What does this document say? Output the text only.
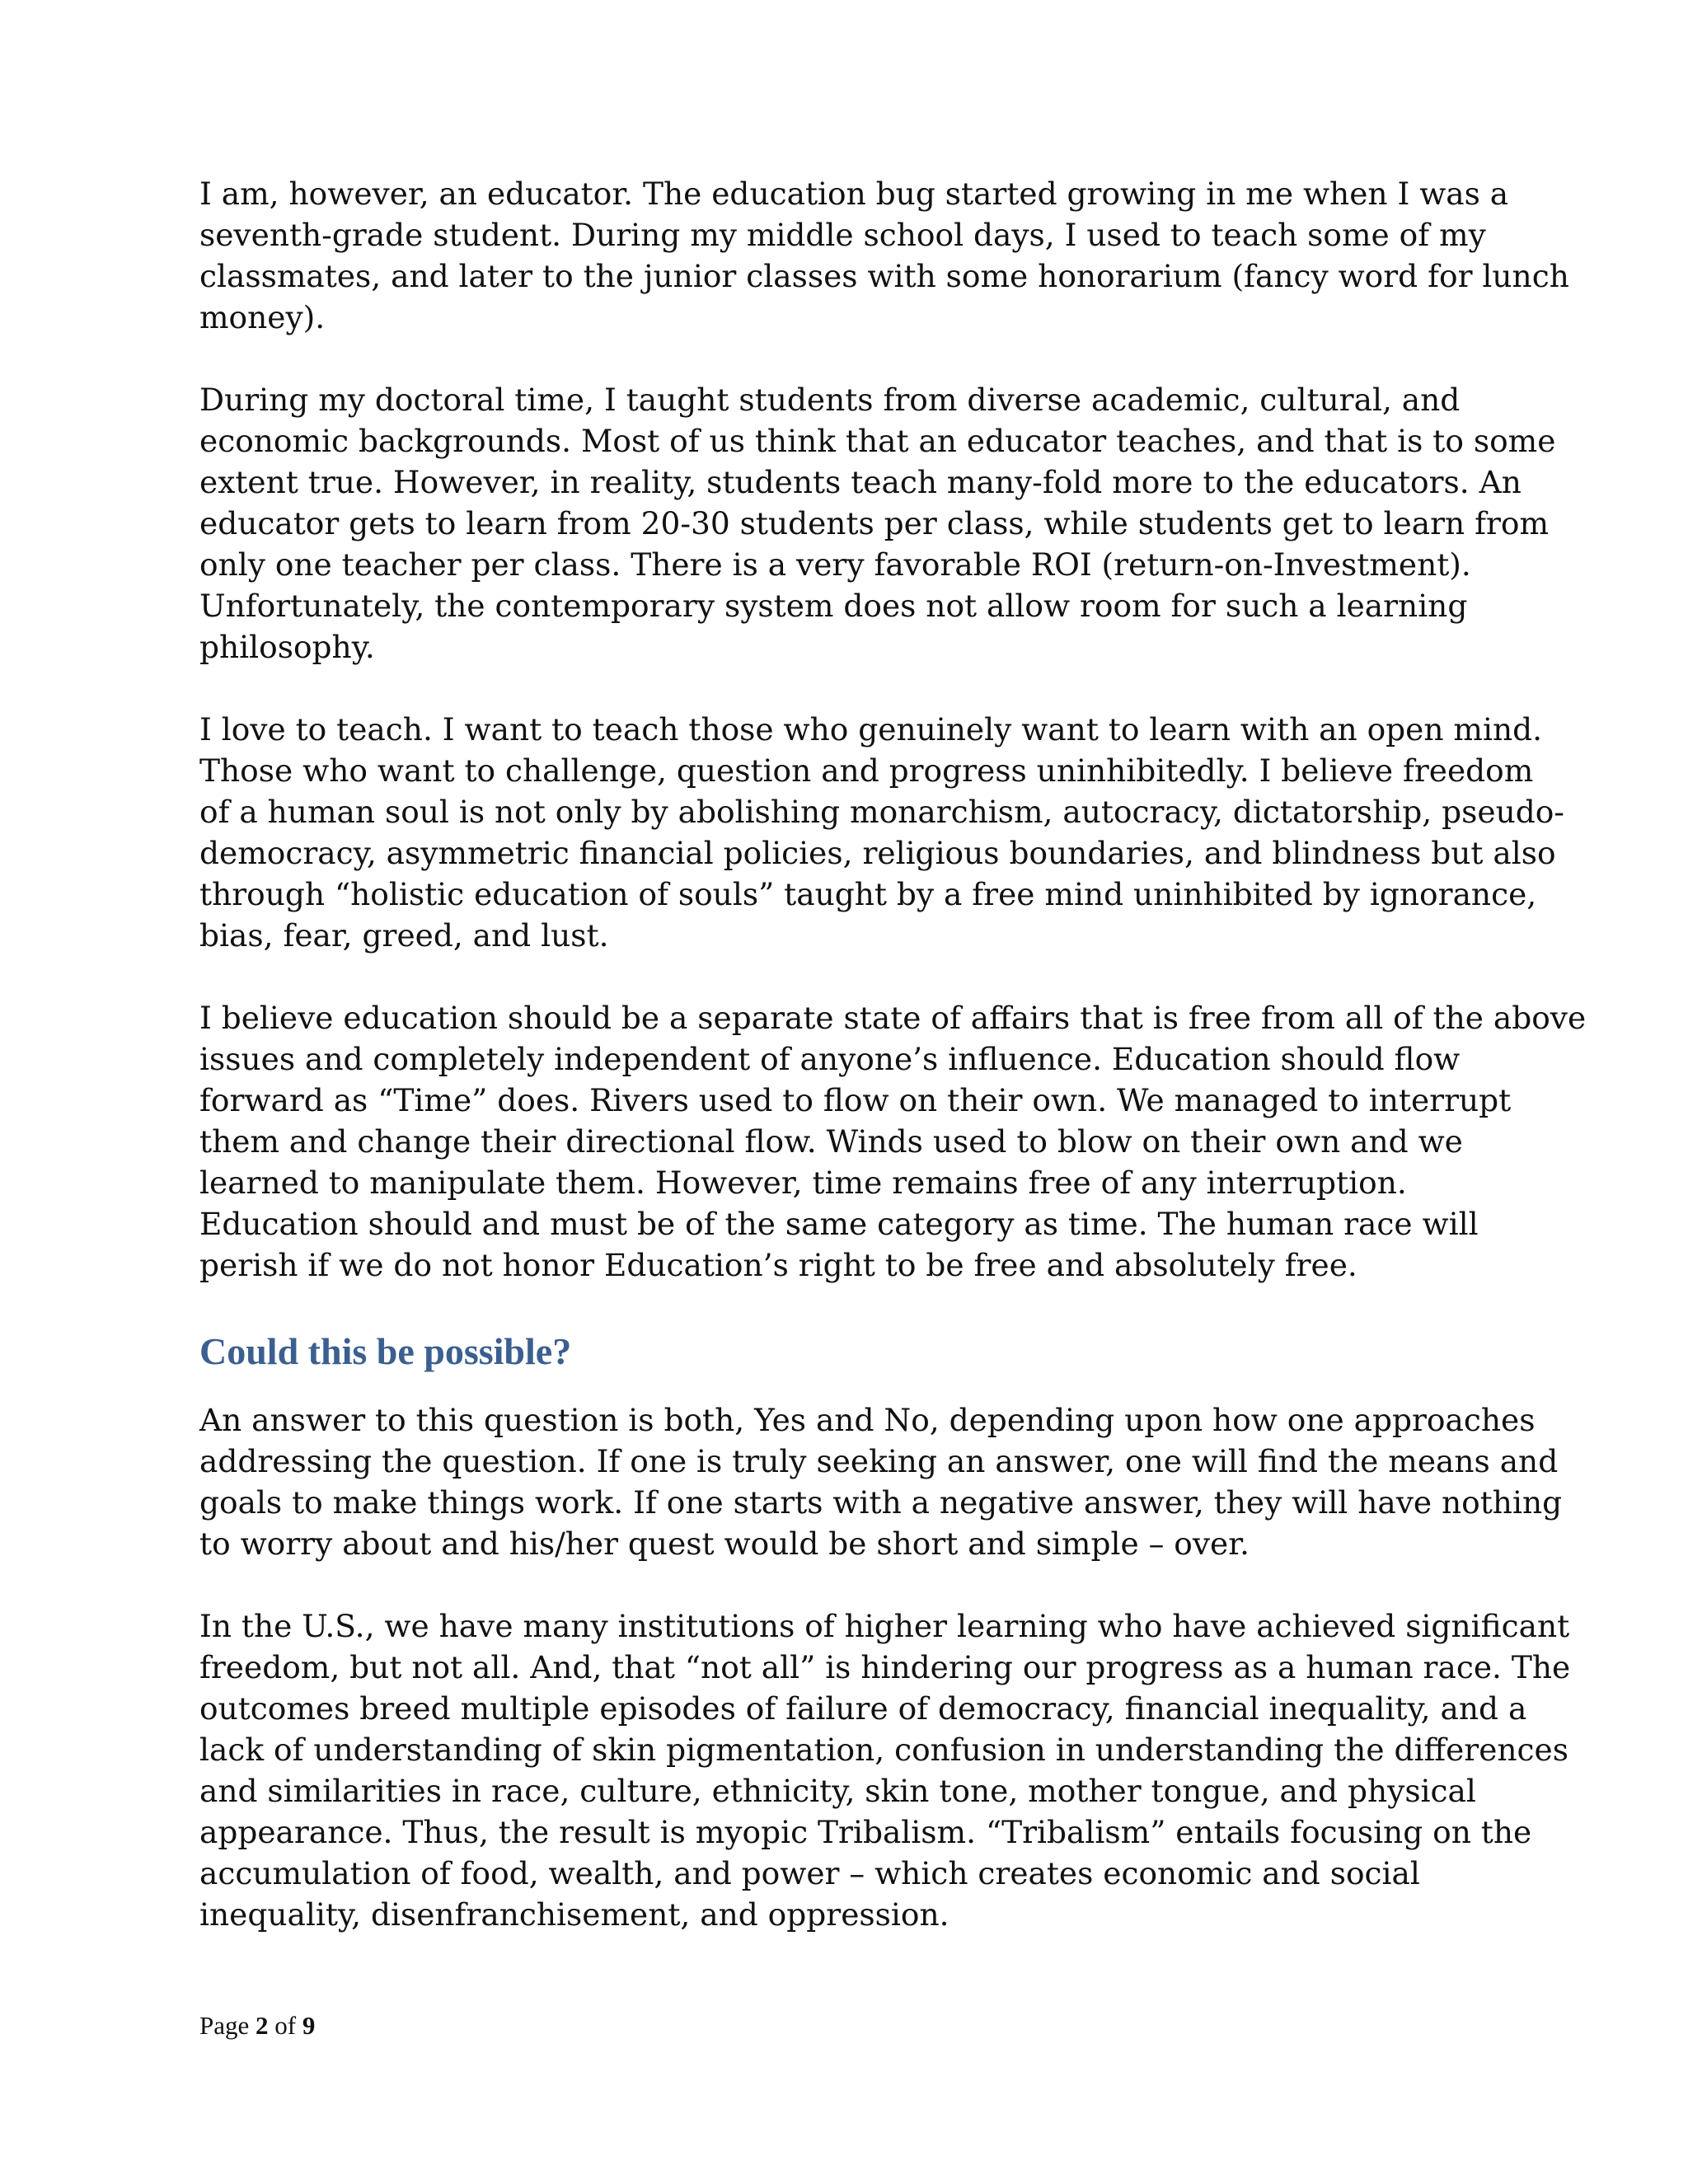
I am, however, an educator. The education bug started growing in me when I was a
seventh-grade student. During my middle school days, I used to teach some of my
classmates, and later to the junior classes with some honorarium (fancy word for lunch
money).

During my doctoral time, I taught students from diverse academic, cultural, and
economic backgrounds. Most of us think that an educator teaches, and that is to some
extent true. However, in reality, students teach many-fold more to the educators. An
educator gets to learn from 20-30 students per class, while students get to learn from
only one teacher per class. There is a very favorable ROI (return-on-Investment).
Unfortunately, the contemporary system does not allow room for such a learning
philosophy.

I love to teach. I want to teach those who genuinely want to learn with an open mind.
Those who want to challenge, question and progress uninhibitedly. I believe freedom
of a human soul is not only by abolishing monarchism, autocracy, dictatorship, pseudo-
democracy, asymmetric financial policies, religious boundaries, and blindness but also
through “holistic education of souls” taught by a free mind uninhibited by ignorance,
bias, fear, greed, and lust.

I believe education should be a separate state of affairs that is free from all of the above
issues and completely independent of anyone’s influence. Education should flow
forward as “Time” does. Rivers used to flow on their own. We managed to interrupt
them and change their directional flow. Winds used to blow on their own and we
learned to manipulate them. However, time remains free of any interruption.
Education should and must be of the same category as time. The human race will
perish if we do not honor Education’s right to be free and absolutely free.

Could this be possible?

An answer to this question is both, Yes and No, depending upon how one approaches
addressing the question. If one is truly seeking an answer, one will find the means and
goals to make things work. If one starts with a negative answer, they will have nothing
to worry about and his/her quest would be short and simple – over.

In the U.S., we have many institutions of higher learning who have achieved significant
freedom, but not all. And, that “not all” is hindering our progress as a human race. The
outcomes breed multiple episodes of failure of democracy, financial inequality, and a
lack of understanding of skin pigmentation, confusion in understanding the differences
and similarities in race, culture, ethnicity, skin tone, mother tongue, and physical
appearance. Thus, the result is myopic Tribalism. “Tribalism” entails focusing on the
accumulation of food, wealth, and power – which creates economic and social
inequality, disenfranchisement, and oppression.

Page 2 of 9
